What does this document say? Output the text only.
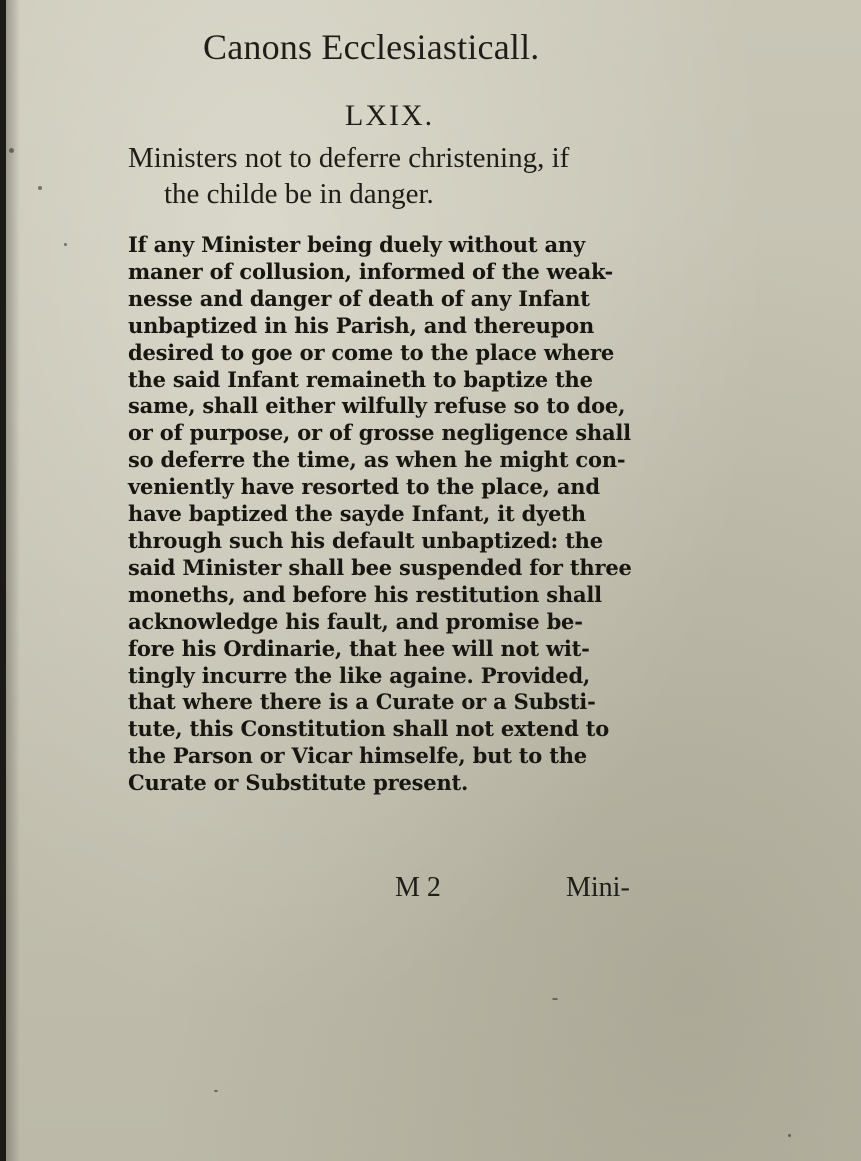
Canons Ecclesiasticall.
LXIX.
Ministers not to deferre christening, if
the childe be in danger.
If any Minister being duely without any
maner of collusion, informed of the weak-
nesse and danger of death of any Infant
unbaptized in his Parish, and thereupon
desired to goe or come to the place where
the said Infant remaineth to baptize the
same, shall either wilfully refuse so to doe,
or of purpose, or of grosse negligence shall
so deferre the time, as when he might con-
veniently have resorted to the place, and
have baptized the sayde Infant, it dyeth
through such his default unbaptized: the
said Minister shall bee suspended for three
moneths, and before his restitution shall
acknowledge his fault, and promise be-
fore his Ordinarie, that hee will not wit-
tingly incurre the like againe. Provided,
that where there is a Curate or a Substi-
tute, this Constitution shall not extend to
the Parson or Vicar himselfe, but to the
Curate or Substitute present.
M 2	Mini-
